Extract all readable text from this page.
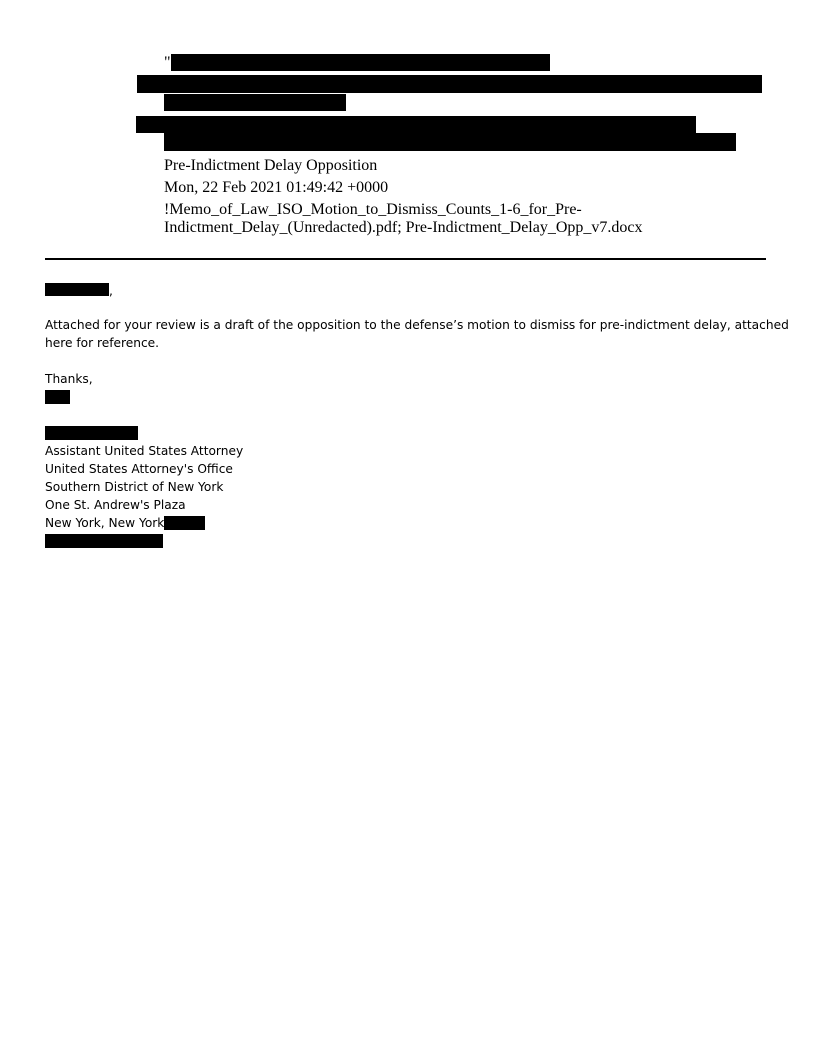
"
Pre-Indictment Delay Opposition
Mon, 22 Feb 2021 01:49:42 +0000
!Memo_of_Law_ISO_Motion_to_Dismiss_Counts_1-6_for_Pre-
Indictment_Delay_(Unredacted).pdf; Pre-Indictment_Delay_Opp_v7.docx
,
Attached for your review is a draft of the opposition to the defense’s motion to dismiss for pre-indictment delay, attached
here for reference.
Thanks,
Assistant United States Attorney
United States Attorney's Office
Southern District of New York
One St. Andrew's Plaza
New York, New York
